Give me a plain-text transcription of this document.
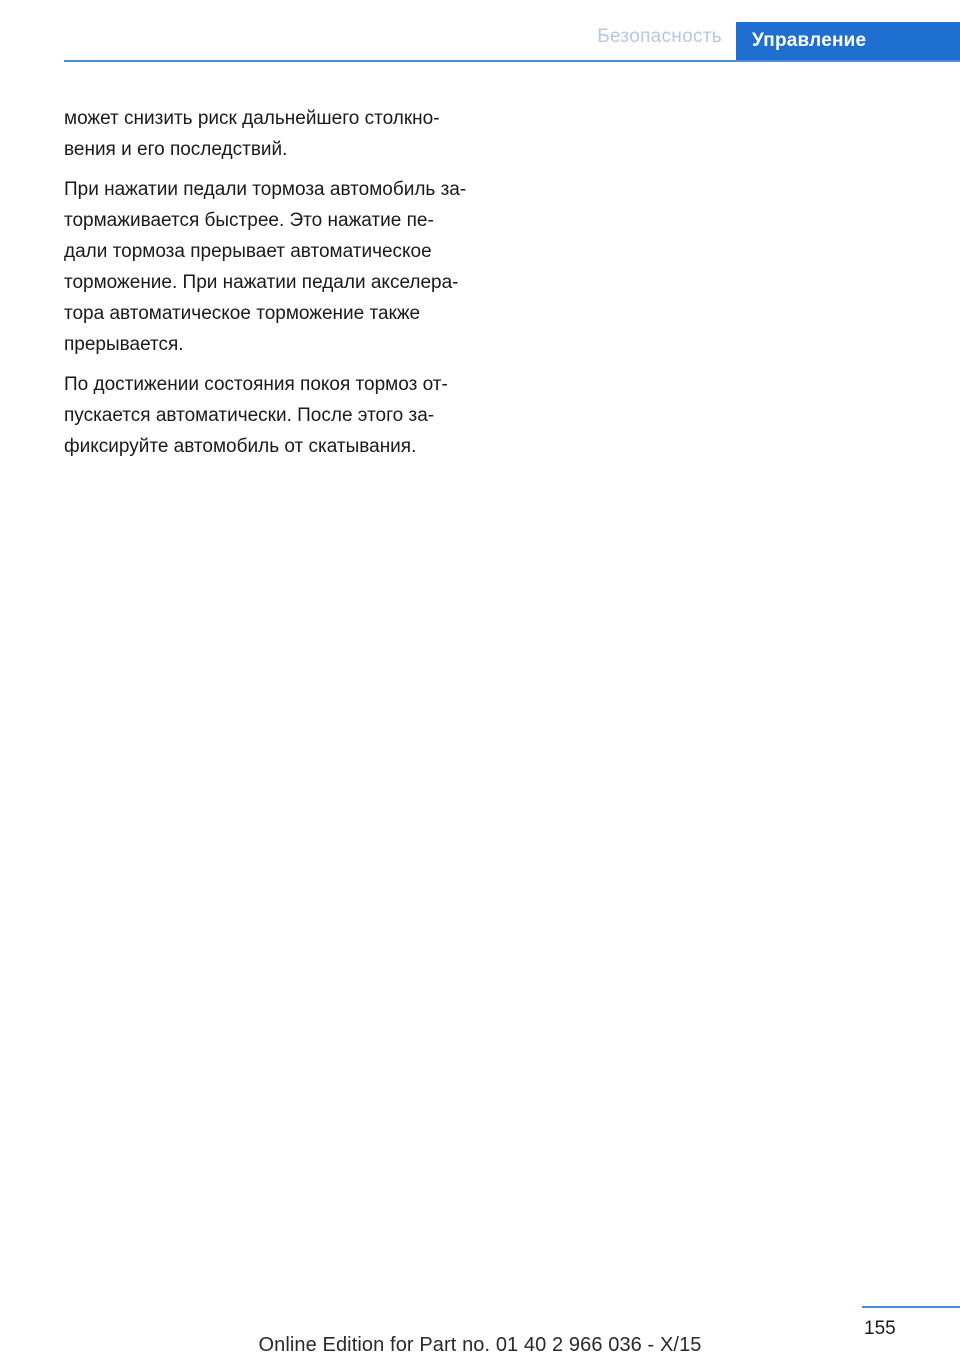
Безопасность	Управление

может снизить риск дальнейшего столкно-
вения и его последствий.

При нажатии педали тормоза автомобиль за-
тормаживается быстрее. Это нажатие пе-
дали тормоза прерывает автоматическое
торможение. При нажатии педали акселера-
тора автоматическое торможение также
прерывается.

По достижении состояния покоя тормоз от-
пускается автоматически. После этого за-
фиксируйте автомобиль от скатывания.

155
Online Edition for Part no. 01 40 2 966 036 - X/15
